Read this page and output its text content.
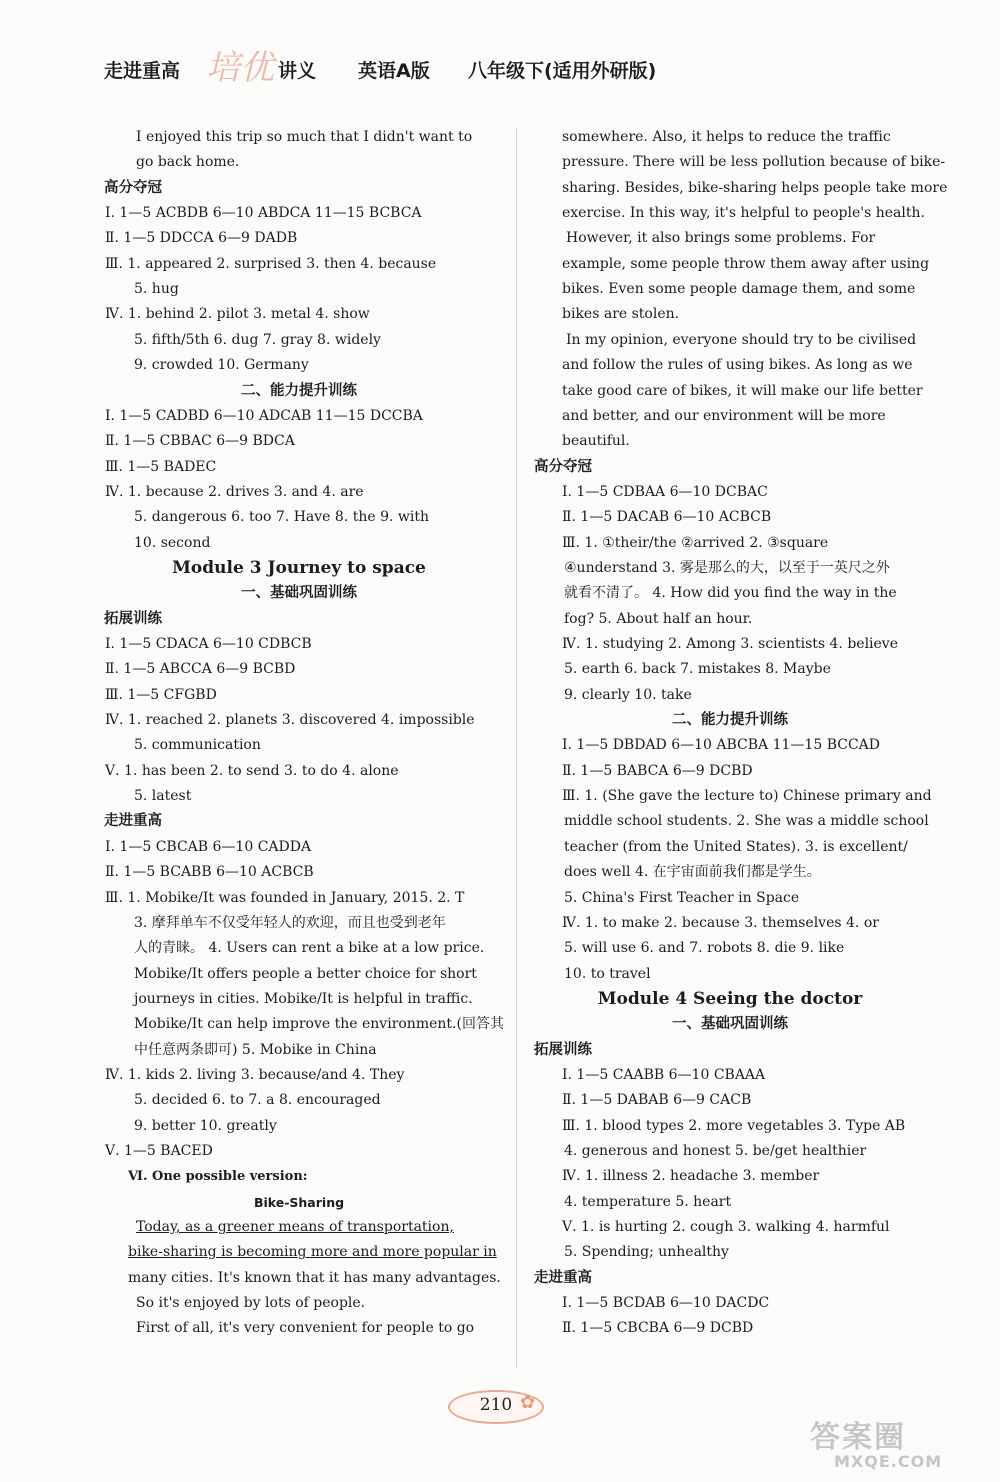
走进重高 培优 讲义 英语A版 八年级下(适用外研版)
I enjoyed this trip so much that I didn't want to
go back home.
高分夺冠
Ⅰ. 1—5 ACBDB 6—10 ABDCA 11—15 BCBCA
Ⅱ. 1—5 DDCCA 6—9 DADB
Ⅲ. 1. appeared 2. surprised 3. then 4. because
5. hug
Ⅳ. 1. behind 2. pilot 3. metal 4. show
5. fifth/5th 6. dug 7. gray 8. widely
9. crowded 10. Germany
二、能力提升训练
Ⅰ. 1—5 CADBD 6—10 ADCAB 11—15 DCCBA
Ⅱ. 1—5 CBBAC 6—9 BDCA
Ⅲ. 1—5 BADEC
Ⅳ. 1. because 2. drives 3. and 4. are
5. dangerous 6. too 7. Have 8. the 9. with
10. second
Module 3 Journey to space
一、基础巩固训练
拓展训练
Ⅰ. 1—5 CDACA 6—10 CDBCB
Ⅱ. 1—5 ABCCA 6—9 BCBD
Ⅲ. 1—5 CFGBD
Ⅳ. 1. reached 2. planets 3. discovered 4. impossible
5. communication
Ⅴ. 1. has been 2. to send 3. to do 4. alone
5. latest
走进重高
Ⅰ. 1—5 CBCAB 6—10 CADDA
Ⅱ. 1—5 BCABB 6—10 ACBCB
Ⅲ. 1. Mobike/It was founded in January, 2015. 2. T
3. 摩拜单车不仅受年轻人的欢迎，而且也受到老年
人的青睐。 4. Users can rent a bike at a low price.
Mobike/It offers people a better choice for short
journeys in cities. Mobike/It is helpful in traffic.
Mobike/It can help improve the environment.(回答其
中任意两条即可) 5. Mobike in China
Ⅳ. 1. kids 2. living 3. because/and 4. They
5. decided 6. to 7. a 8. encouraged
9. better 10. greatly
Ⅴ. 1—5 BACED
Ⅵ. One possible version:
Bike-Sharing
Today, as a greener means of transportation,
bike-sharing is becoming more and more popular in
many cities. It's known that it has many advantages.
So it's enjoyed by lots of people.
First of all, it's very convenient for people to go
somewhere. Also, it helps to reduce the traffic
pressure. There will be less pollution because of bike-
sharing. Besides, bike-sharing helps people take more
exercise. In this way, it's helpful to people's health.
However, it also brings some problems. For
example, some people throw them away after using
bikes. Even some people damage them, and some
bikes are stolen.
In my opinion, everyone should try to be civilised
and follow the rules of using bikes. As long as we
take good care of bikes, it will make our life better
and better, and our environment will be more
beautiful.
高分夺冠
Ⅰ. 1—5 CDBAA 6—10 DCBAC
Ⅱ. 1—5 DACAB 6—10 ACBCB
Ⅲ. 1. ①their/the ②arrived 2. ③square
④understand 3. 雾是那么的大，以至于一英尺之外
就看不清了。 4. How did you find the way in the
fog? 5. About half an hour.
Ⅳ. 1. studying 2. Among 3. scientists 4. believe
5. earth 6. back 7. mistakes 8. Maybe
9. clearly 10. take
二、能力提升训练
Ⅰ. 1—5 DBDAD 6—10 ABCBA 11—15 BCCAD
Ⅱ. 1—5 BABCA 6—9 DCBD
Ⅲ. 1. (She gave the lecture to) Chinese primary and
middle school students. 2. She was a middle school
teacher (from the United States). 3. is excellent/
does well 4. 在宇宙面前我们都是学生。
5. China's First Teacher in Space
Ⅳ. 1. to make 2. because 3. themselves 4. or
5. will use 6. and 7. robots 8. die 9. like
10. to travel
Module 4 Seeing the doctor
一、基础巩固训练
拓展训练
Ⅰ. 1—5 CAABB 6—10 CBAAA
Ⅱ. 1—5 DABAB 6—9 CACB
Ⅲ. 1. blood types 2. more vegetables 3. Type AB
4. generous and honest 5. be/get healthier
Ⅳ. 1. illness 2. headache 3. member
4. temperature 5. heart
Ⅴ. 1. is hurting 2. cough 3. walking 4. harmful
5. Spending; unhealthy
走进重高
Ⅰ. 1—5 BCDAB 6—10 DACDC
Ⅱ. 1—5 CBCBA 6—9 DCBD
210 ✿
答案圈
MXQE.COM
